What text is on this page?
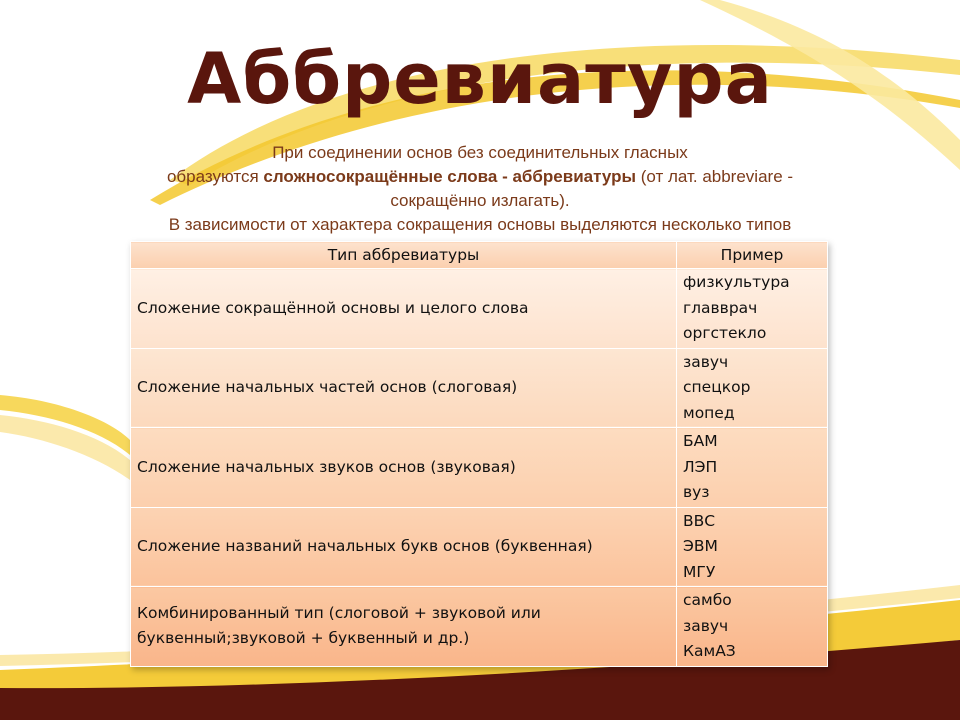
Аббревиатура
При соединении основ без соединительных гласных
образуются сложносокращённые слова - аббревиатуры (от лат. abbreviare -
сокращённо излагать).
В зависимости от характера сокращения основы выделяются несколько типов
Тип аббревиатуры	Пример
Сложение сокращённой основы и целого слова	физкультура
главврач
оргстекло

Сложение начальных частей основ (слоговая)	завуч
спецкор
мопед

Сложение начальных звуков основ (звуковая)	БАМ
ЛЭП
вуз

Сложение названий начальных букв основ (буквенная)	ВВС
ЭВМ
МГУ

Комбинированный тип (слоговой + звуковой или
буквенный;звуковой + буквенный и др.)	самбо
завуч
КамАЗ
